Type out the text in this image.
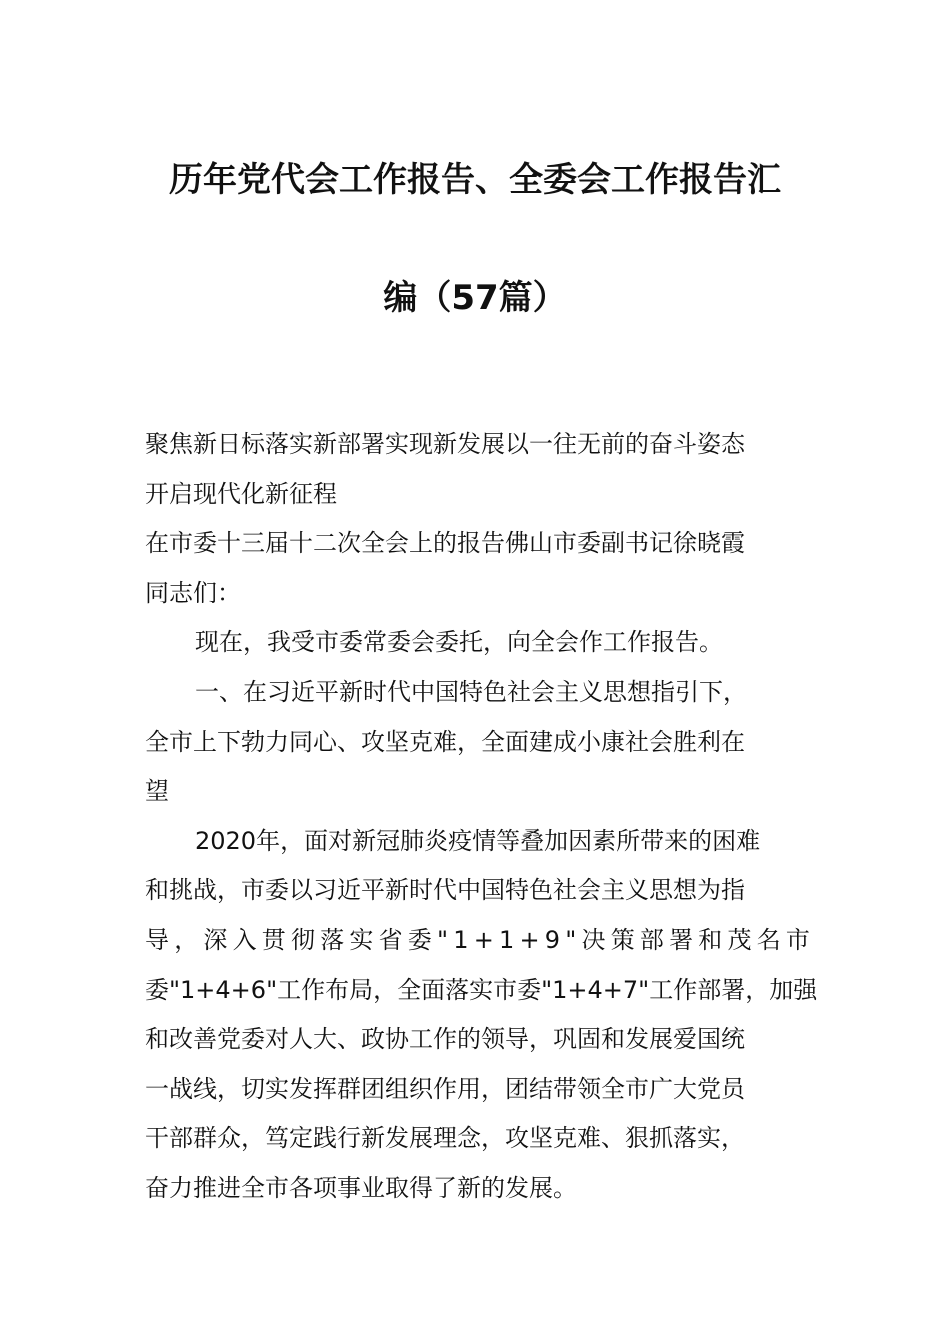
历年党代会工作报告、全委会工作报告汇
编（57篇）
聚焦新日标落实新部署实现新发展以一往无前的奋斗姿态
开启现代化新征程
在市委十三届十二次全会上的报告佛山市委副书记徐晓霞
同志们：
现在，我受市委常委会委托，向全会作工作报告。
一、在习近平新时代中国特色社会主义思想指引下，
全市上下勃力同心、攻坚克难，全面建成小康社会胜利在
望
2020年，面对新冠肺炎疫情等叠加因素所带来的困难
和挑战，市委以习近平新时代中国特色社会主义思想为指
导，深入贯彻落实省委"1+1+9"决策部署和茂名市
委"1+4+6"工作布局，全面落实市委"1+4+7"工作部署，加强
和改善党委对人大、政协工作的领导，巩固和发展爱国统
一战线，切实发挥群团组织作用，团结带领全市广大党员
干部群众，笃定践行新发展理念，攻坚克难、狠抓落实，
奋力推进全市各项事业取得了新的发展。
